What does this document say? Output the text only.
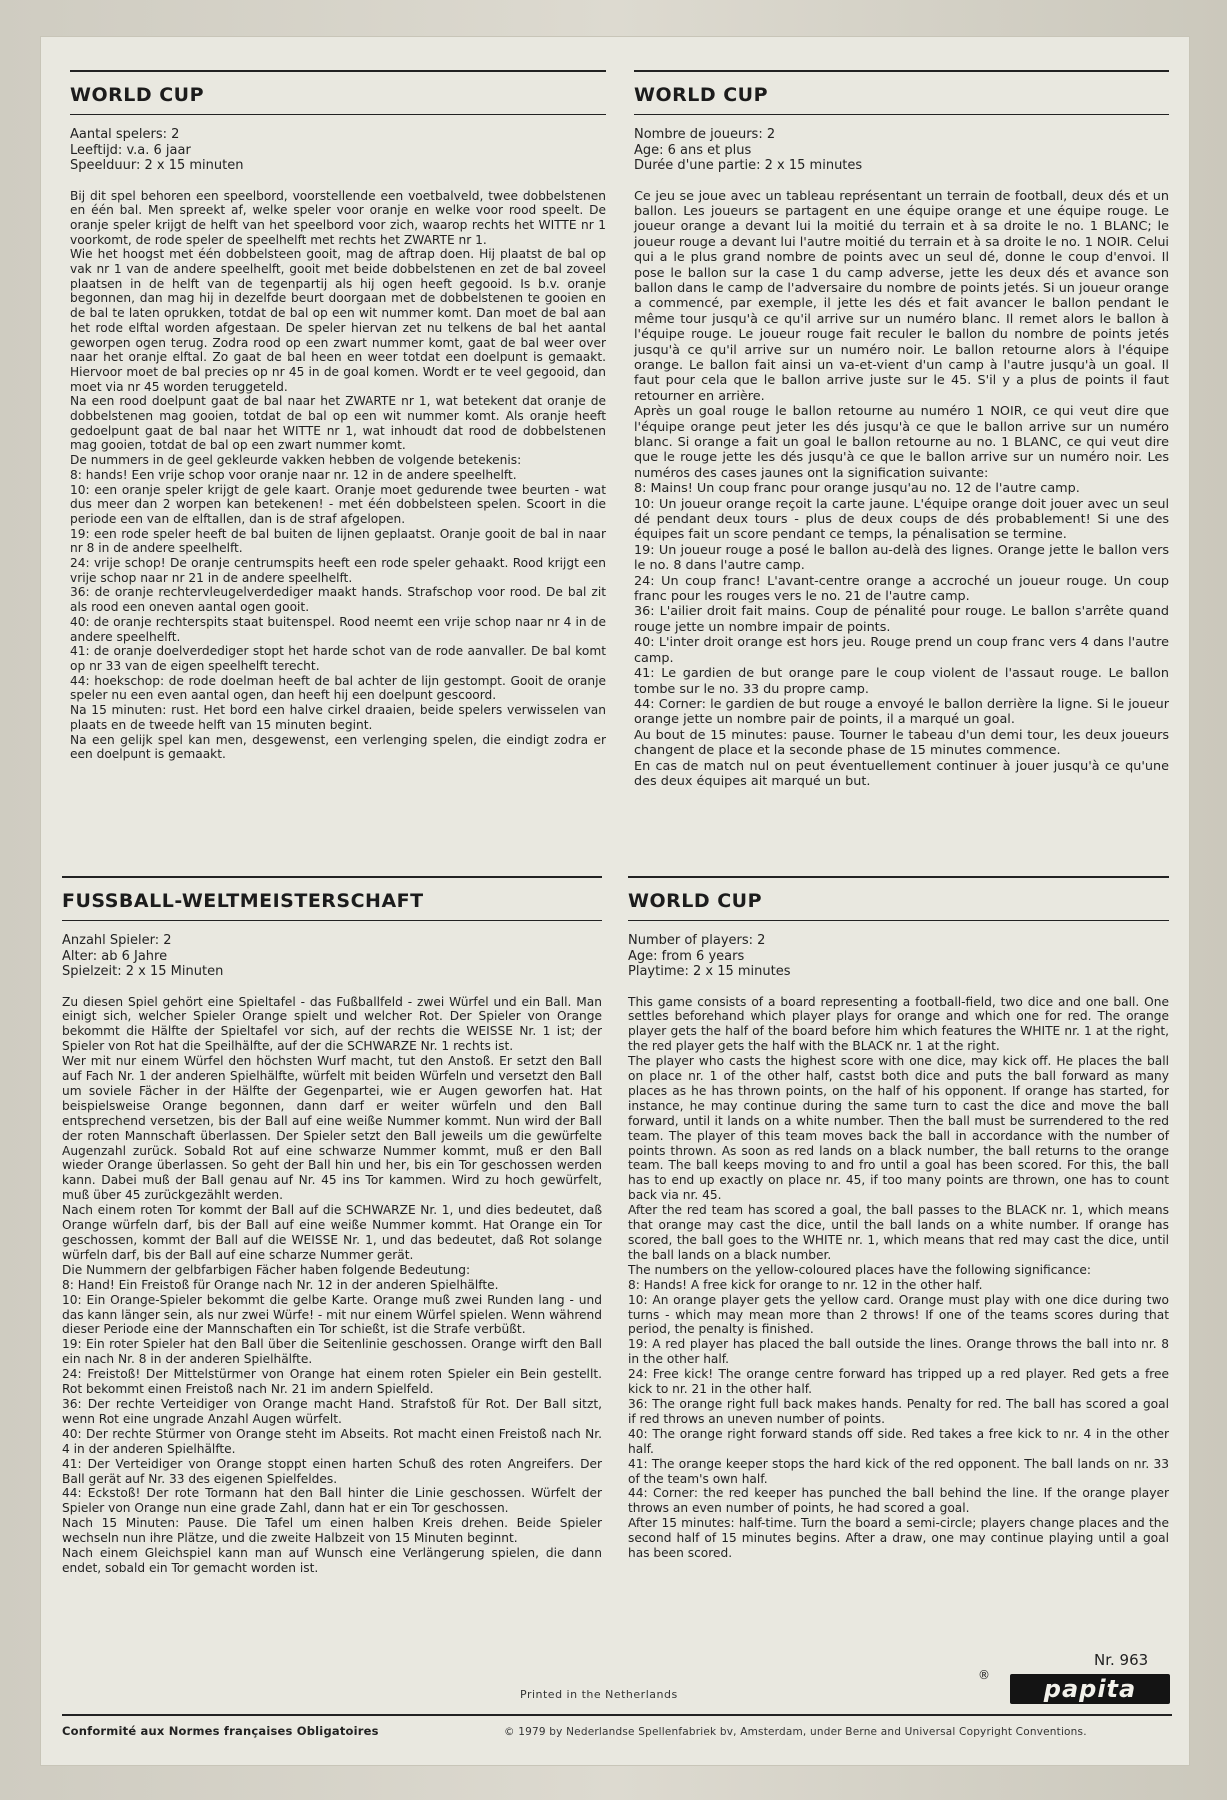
WORLD CUP
Aantal spelers: 2
Leeftijd: v.a. 6 jaar
Speelduur: 2 x 15 minuten

Bij dit spel behoren een speelbord, voorstellende een voetbalveld, twee dobbelstenen en één bal. Men spreekt af, welke speler voor oranje en welke voor rood speelt. De oranje speler krijgt de helft van het speelbord voor zich, waarop rechts het WITTE nr 1 voorkomt, de rode speler de speelhelft met rechts het ZWARTE nr 1.

Wie het hoogst met één dobbelsteen gooit, mag de aftrap doen. Hij plaatst de bal op vak nr 1 van de andere speelhelft, gooit met beide dobbelstenen en zet de bal zoveel plaatsen in de helft van de tegenpartij als hij ogen heeft gegooid. Is b.v. oranje begonnen, dan mag hij in dezelfde beurt doorgaan met de dobbelstenen te gooien en de bal te laten oprukken, totdat de bal op een wit nummer komt. Dan moet de bal aan het rode elftal worden afgestaan. De speler hiervan zet nu telkens de bal het aantal geworpen ogen terug. Zodra rood op een zwart nummer komt, gaat de bal weer over naar het oranje elftal. Zo gaat de bal heen en weer totdat een doelpunt is gemaakt. Hiervoor moet de bal precies op nr 45 in de goal komen. Wordt er te veel gegooid, dan moet via nr 45 worden teruggeteld.

Na een rood doelpunt gaat de bal naar het ZWARTE nr 1, wat betekent dat oranje de dobbelstenen mag gooien, totdat de bal op een wit nummer komt. Als oranje heeft gedoelpunt gaat de bal naar het WITTE nr 1, wat inhoudt dat rood de dobbelstenen mag gooien, totdat de bal op een zwart nummer komt.

De nummers in de geel gekleurde vakken hebben de volgende betekenis:

8: hands! Een vrije schop voor oranje naar nr. 12 in de andere speelhelft.

10: een oranje speler krijgt de gele kaart. Oranje moet gedurende twee beurten - wat dus meer dan 2 worpen kan betekenen! - met één dobbelsteen spelen. Scoort in die periode een van de elftallen, dan is de straf afgelopen.

19: een rode speler heeft de bal buiten de lijnen geplaatst. Oranje gooit de bal in naar nr 8 in de andere speelhelft.

24: vrije schop! De oranje centrumspits heeft een rode speler gehaakt. Rood krijgt een vrije schop naar nr 21 in de andere speelhelft.

36: de oranje rechtervleugelverdediger maakt hands. Strafschop voor rood. De bal zit als rood een oneven aantal ogen gooit.

40: de oranje rechterspits staat buitenspel. Rood neemt een vrije schop naar nr 4 in de andere speelhelft.

41: de oranje doelverdediger stopt het harde schot van de rode aanvaller. De bal komt op nr 33 van de eigen speelhelft terecht.

44: hoekschop: de rode doelman heeft de bal achter de lijn gestompt. Gooit de oranje speler nu een even aantal ogen, dan heeft hij een doelpunt gescoord.

Na 15 minuten: rust. Het bord een halve cirkel draaien, beide spelers verwisselen van plaats en de tweede helft van 15 minuten begint.

Na een gelijk spel kan men, desgewenst, een verlenging spelen, die eindigt zodra er een doelpunt is gemaakt.

WORLD CUP
Nombre de joueurs: 2
Age: 6 ans et plus
Durée d'une partie: 2 x 15 minutes

Ce jeu se joue avec un tableau représentant un terrain de football, deux dés et un ballon. Les joueurs se partagent en une équipe orange et une équipe rouge. Le joueur orange a devant lui la moitié du terrain et à sa droite le no. 1 BLANC; le joueur rouge a devant lui l'autre moitié du terrain et à sa droite le no. 1 NOIR. Celui qui a le plus grand nombre de points avec un seul dé, donne le coup d'envoi. Il pose le ballon sur la case 1 du camp adverse, jette les deux dés et avance son ballon dans le camp de l'adversaire du nombre de points jetés. Si un joueur orange a commencé, par exemple, il jette les dés et fait avancer le ballon pendant le même tour jusqu'à ce qu'il arrive sur un numéro blanc. Il remet alors le ballon à l'équipe rouge. Le joueur rouge fait reculer le ballon du nombre de points jetés jusqu'à ce qu'il arrive sur un numéro noir. Le ballon retourne alors à l'équipe orange. Le ballon fait ainsi un va-et-vient d'un camp à l'autre jusqu'à un goal. Il faut pour cela que le ballon arrive juste sur le 45. S'il y a plus de points il faut retourner en arrière.

Après un goal rouge le ballon retourne au numéro 1 NOIR, ce qui veut dire que l'équipe orange peut jeter les dés jusqu'à ce que le ballon arrive sur un numéro blanc. Si orange a fait un goal le ballon retourne au no. 1 BLANC, ce qui veut dire que le rouge jette les dés jusqu'à ce que le ballon arrive sur un numéro noir. Les numéros des cases jaunes ont la signification suivante:

8: Mains! Un coup franc pour orange jusqu'au no. 12 de l'autre camp.

10: Un joueur orange reçoit la carte jaune. L'équipe orange doit jouer avec un seul dé pendant deux tours - plus de deux coups de dés probablement! Si une des équipes fait un score pendant ce temps, la pénalisation se termine.

19: Un joueur rouge a posé le ballon au-delà des lignes. Orange jette le ballon vers le no. 8 dans l'autre camp.

24: Un coup franc! L'avant-centre orange a accroché un joueur rouge. Un coup franc pour les rouges vers le no. 21 de l'autre camp.

36: L'ailier droit fait mains. Coup de pénalité pour rouge. Le ballon s'arrête quand rouge jette un nombre impair de points.

40: L'inter droit orange est hors jeu. Rouge prend un coup franc vers 4 dans l'autre camp.

41: Le gardien de but orange pare le coup violent de l'assaut rouge. Le ballon tombe sur le no. 33 du propre camp.

44: Corner: le gardien de but rouge a envoyé le ballon derrière la ligne. Si le joueur orange jette un nombre pair de points, il a marqué un goal.

Au bout de 15 minutes: pause. Tourner le tabeau d'un demi tour, les deux joueurs changent de place et la seconde phase de 15 minutes commence.

En cas de match nul on peut éventuellement continuer à jouer jusqu'à ce qu'une des deux équipes ait marqué un but.

FUSSBALL-WELTMEISTERSCHAFT
Anzahl Spieler: 2
Alter: ab 6 Jahre
Spielzeit: 2 x 15 Minuten

Zu diesen Spiel gehört eine Spieltafel - das Fußballfeld - zwei Würfel und ein Ball. Man einigt sich, welcher Spieler Orange spielt und welcher Rot. Der Spieler von Orange bekommt die Hälfte der Spieltafel vor sich, auf der rechts die WEISSE Nr. 1 ist; der Spieler von Rot hat die Speilhälfte, auf der die SCHWARZE Nr. 1 rechts ist.

Wer mit nur einem Würfel den höchsten Wurf macht, tut den Anstoß. Er setzt den Ball auf Fach Nr. 1 der anderen Spielhälfte, würfelt mit beiden Würfeln und versetzt den Ball um soviele Fächer in der Hälfte der Gegenpartei, wie er Augen geworfen hat. Hat beispielsweise Orange begonnen, dann darf er weiter würfeln und den Ball entsprechend versetzen, bis der Ball auf eine weiße Nummer kommt. Nun wird der Ball der roten Mannschaft überlassen. Der Spieler setzt den Ball jeweils um die gewürfelte Augenzahl zurück. Sobald Rot auf eine schwarze Nummer kommt, muß er den Ball wieder Orange überlassen. So geht der Ball hin und her, bis ein Tor geschossen werden kann. Dabei muß der Ball genau auf Nr. 45 ins Tor kammen. Wird zu hoch gewürfelt, muß über 45 zurückgezählt werden.

Nach einem roten Tor kommt der Ball auf die SCHWARZE Nr. 1, und dies bedeutet, daß Orange würfeln darf, bis der Ball auf eine weiße Nummer kommt. Hat Orange ein Tor geschossen, kommt der Ball auf die WEISSE Nr. 1, und das bedeutet, daß Rot solange würfeln darf, bis der Ball auf eine scharze Nummer gerät.

Die Nummern der gelbfarbigen Fächer haben folgende Bedeutung:

8: Hand! Ein Freistoß für Orange nach Nr. 12 in der anderen Spielhälfte.

10: Ein Orange-Spieler bekommt die gelbe Karte. Orange muß zwei Runden lang - und das kann länger sein, als nur zwei Würfe! - mit nur einem Würfel spielen. Wenn während dieser Periode eine der Mannschaften ein Tor schießt, ist die Strafe verbüßt.

19: Ein roter Spieler hat den Ball über die Seitenlinie geschossen. Orange wirft den Ball ein nach Nr. 8 in der anderen Spielhälfte.

24: Freistoß! Der Mittelstürmer von Orange hat einem roten Spieler ein Bein gestellt. Rot bekommt einen Freistoß nach Nr. 21 im andern Spielfeld.

36: Der rechte Verteidiger von Orange macht Hand. Strafstoß für Rot. Der Ball sitzt, wenn Rot eine ungrade Anzahl Augen würfelt.

40: Der rechte Stürmer von Orange steht im Abseits. Rot macht einen Freistoß nach Nr. 4 in der anderen Spielhälfte.

41: Der Verteidiger von Orange stoppt einen harten Schuß des roten Angreifers. Der Ball gerät auf Nr. 33 des eigenen Spielfeldes.

44: Eckstoß! Der rote Tormann hat den Ball hinter die Linie geschossen. Würfelt der Spieler von Orange nun eine grade Zahl, dann hat er ein Tor geschossen.

Nach 15 Minuten: Pause. Die Tafel um einen halben Kreis drehen. Beide Spieler wechseln nun ihre Plätze, und die zweite Halbzeit von 15 Minuten beginnt.

Nach einem Gleichspiel kann man auf Wunsch eine Verlängerung spielen, die dann endet, sobald ein Tor gemacht worden ist.

WORLD CUP
Number of players: 2
Age: from 6 years
Playtime: 2 x 15 minutes

This game consists of a board representing a football-field, two dice and one ball. One settles beforehand which player plays for orange and which one for red. The orange player gets the half of the board before him which features the WHITE nr. 1 at the right, the red player gets the half with the BLACK nr. 1 at the right.

The player who casts the highest score with one dice, may kick off. He places the ball on place nr. 1 of the other half, castst both dice and puts the ball forward as many places as he has thrown points, on the half of his opponent. If orange has started, for instance, he may continue during the same turn to cast the dice and move the ball forward, until it lands on a white number. Then the ball must be surrendered to the red team. The player of this team moves back the ball in accordance with the number of points thrown. As soon as red lands on a black number, the ball returns to the orange team. The ball keeps moving to and fro until a goal has been scored. For this, the ball has to end up exactly on place nr. 45, if too many points are thrown, one has to count back via nr. 45.

After the red team has scored a goal, the ball passes to the BLACK nr. 1, which means that orange may cast the dice, until the ball lands on a white number. If orange has scored, the ball goes to the WHITE nr. 1, which means that red may cast the dice, until the ball lands on a black number.

The numbers on the yellow-coloured places have the following significance:

8: Hands! A free kick for orange to nr. 12 in the other half.

10: An orange player gets the yellow card. Orange must play with one dice during two turns - which may mean more than 2 throws! If one of the teams scores during that period, the penalty is finished.

19: A red player has placed the ball outside the lines. Orange throws the ball into nr. 8 in the other half.

24: Free kick! The orange centre forward has tripped up a red player. Red gets a free kick to nr. 21 in the other half.

36: The orange right full back makes hands. Penalty for red. The ball has scored a goal if red throws an uneven number of points.

40: The orange right forward stands off side. Red takes a free kick to nr. 4 in the other half.

41: The orange keeper stops the hard kick of the red opponent. The ball lands on nr. 33 of the team's own half.

44: Corner: the red keeper has punched the ball behind the line. If the orange player throws an even number of points, he had scored a goal.

After 15 minutes: half-time. Turn the board a semi-circle; players change places and the second half of 15 minutes begins. After a draw, one may continue playing until a goal has been scored.

Nr. 963
®	papita
Printed in the Netherlands
Conformité aux Normes françaises Obligatoires	© 1979 by Nederlandse Spellenfabriek bv, Amsterdam, under Berne and Universal Copyright Conventions.
